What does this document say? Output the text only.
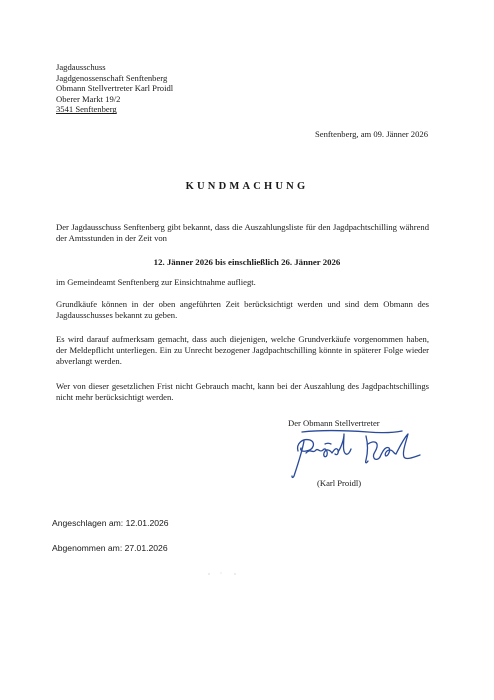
Jagdausschuss
Jagdgenossenschaft Senftenberg
Obmann Stellvertreter Karl Proidl
Oberer Markt 19/2
3541 Senftenberg
Senftenberg, am 09. Jänner 2026
KUNDMACHUNG
Der Jagdausschuss Senftenberg gibt bekannt, dass die Auszahlungsliste für den Jagdpachtschilling während der Amtsstunden in der Zeit von
12. Jänner 2026 bis einschließlich 26. Jänner 2026
im Gemeindeamt Senftenberg zur Einsichtnahme aufliegt.
Grundkäufe können in der oben angeführten Zeit berücksichtigt werden und sind dem Obmann des Jagdausschusses bekannt zu geben.
Es wird darauf aufmerksam gemacht, dass auch diejenigen, welche Grundverkäufe vorgenommen haben, der Meldepflicht unterliegen. Ein zu Unrecht bezogener Jagdpachtschilling könnte in späterer Folge wieder abverlangt werden.
Wer von dieser gesetzlichen Frist nicht Gebrauch macht, kann bei der Auszahlung des Jagdpachtschillings nicht mehr berücksichtigt werden.
Der Obmann Stellvertreter
(Karl Proidl)
Angeschlagen am: 12.01.2026
Abgenommen am: 27.01.2026
